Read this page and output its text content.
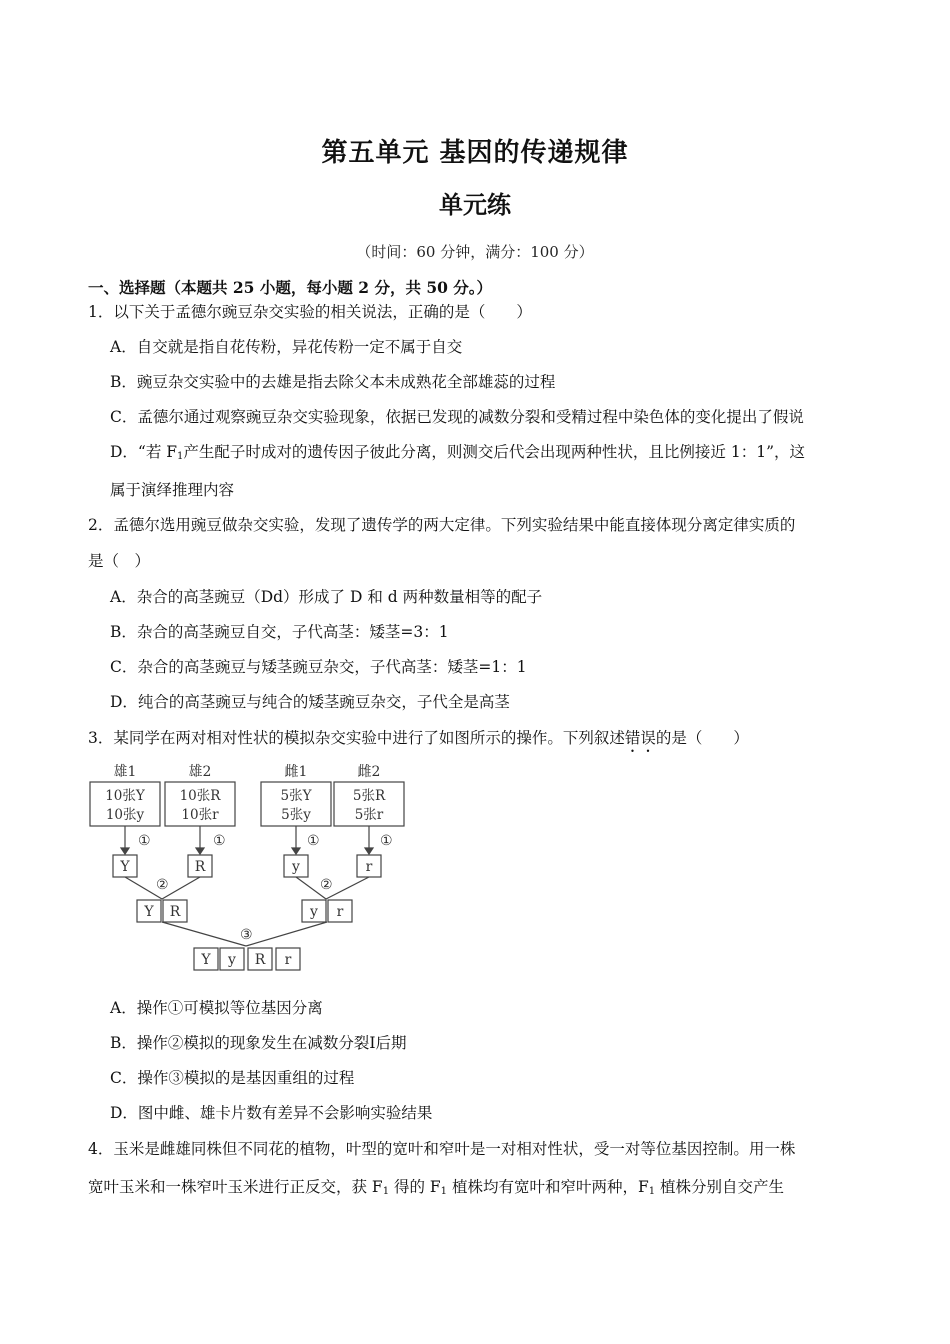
第五单元 基因的传递规律
单元练
（时间：60 分钟，满分：100 分）
一、选择题（本题共 25 小题，每小题 2 分，共 50 分。）
1．以下关于孟德尔豌豆杂交实验的相关说法，正确的是（　　）
A．自交就是指自花传粉，异花传粉一定不属于自交
B．豌豆杂交实验中的去雄是指去除父本未成熟花全部雄蕊的过程
C．孟德尔通过观察豌豆杂交实验现象，依据已发现的减数分裂和受精过程中染色体的变化提出了假说
D．“若 $F_1$产生配子时成对的遗传因子彼此分离，则测交后代会出现两种性状，且比例接近 1：1”，这
属于演绎推理内容
2．孟德尔选用豌豆做杂交实验，发现了遗传学的两大定律。下列实验结果中能直接体现分离定律实质的
是（　）
A．杂合的高茎豌豆（Dd）形成了 D 和 d 两种数量相等的配子
B．杂合的高茎豌豆自交，子代高茎：矮茎=3：1
C．杂合的高茎豌豆与矮茎豌豆杂交，子代高茎：矮茎=1：1
D．纯合的高茎豌豆与纯合的矮茎豌豆杂交，子代全是高茎
3．某同学在两对相对性状的模拟杂交实验中进行了如图所示的操作。下列叙述错误的是（　　）
雄1	雄2	雌1	雌2
10张Y
10张y
10张R
10张r
5张Y
5张y
5张R
5张r
①	①	①	①
Y	R	y	r
②	②
Y R	y r
③
Y y R r
A．操作①可模拟等位基因分离
B．操作②模拟的现象发生在减数分裂Ⅰ后期
C．操作③模拟的是基因重组的过程
D．图中雌、雄卡片数有差异不会影响实验结果
4．玉米是雌雄同株但不同花的植物，叶型的宽叶和窄叶是一对相对性状，受一对等位基因控制。用一株
宽叶玉米和一株窄叶玉米进行正反交，获 $F_1$ 得的 $F_1$ 植株均有宽叶和窄叶两种，$F_1$ 植株分别自交产生
